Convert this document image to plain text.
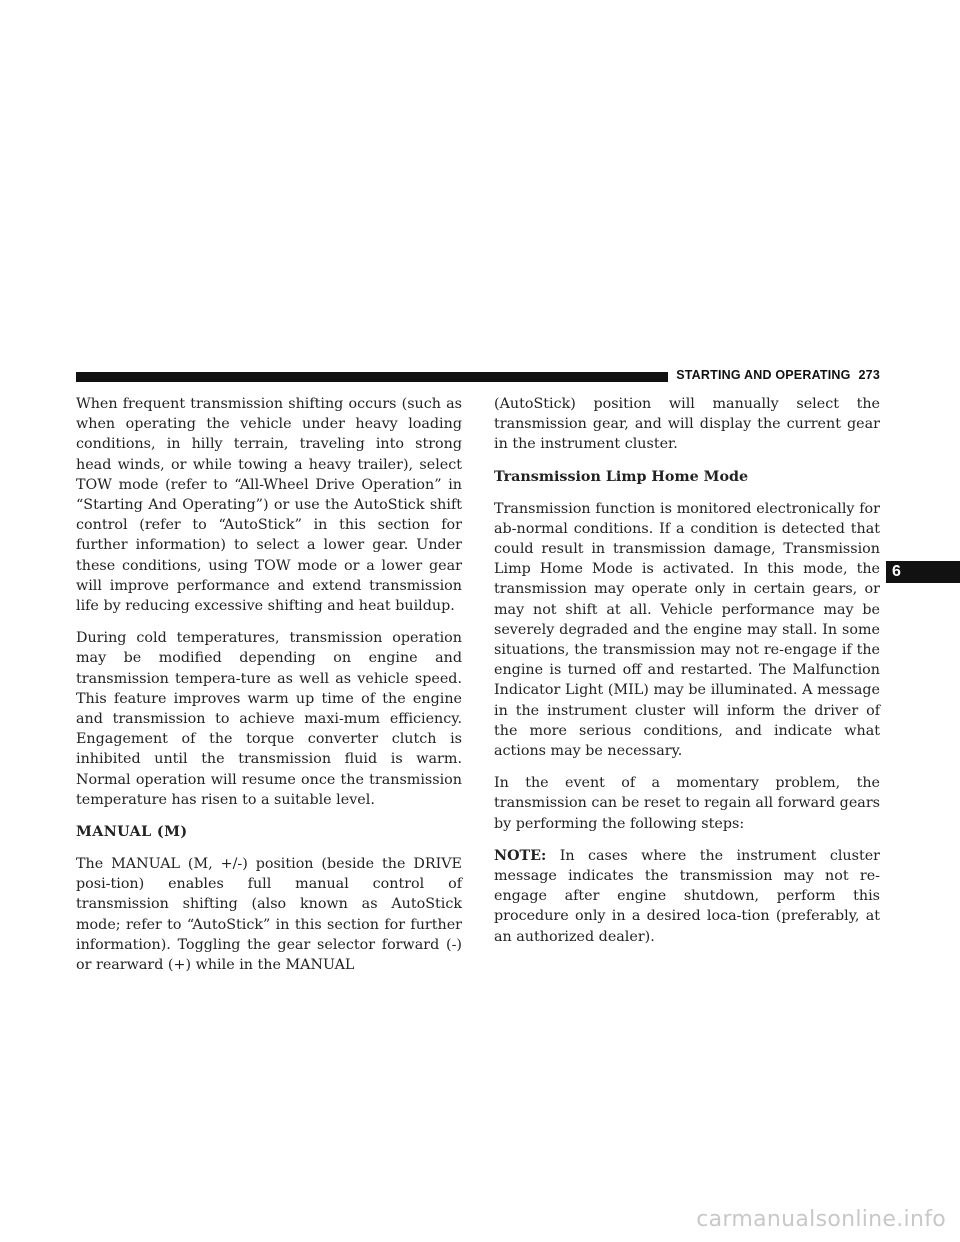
STARTING AND OPERATING 273

When frequent transmission shifting occurs (such as when operating the vehicle under heavy loading conditions, in hilly terrain, traveling into strong head winds, or while towing a heavy trailer), select TOW mode (refer to “All-Wheel Drive Operation” in “Starting And Operating”) or use the AutoStick shift control (refer to “AutoStick” in this section for further information) to select a lower gear. Under these conditions, using TOW mode or a lower gear will improve performance and extend transmission life by reducing excessive shifting and heat buildup.

During cold temperatures, transmission operation may be modified depending on engine and transmission tempera-ture as well as vehicle speed. This feature improves warm up time of the engine and transmission to achieve maxi-mum efficiency. Engagement of the torque converter clutch is inhibited until the transmission fluid is warm. Normal operation will resume once the transmission temperature has risen to a suitable level.

MANUAL (M)

The MANUAL (M, +/-) position (beside the DRIVE posi-tion) enables full manual control of transmission shifting (also known as AutoStick mode; refer to “AutoStick” in this section for further information). Toggling the gear selector forward (-) or rearward (+) while in the MANUAL

(AutoStick) position will manually select the transmission gear, and will display the current gear in the instrument cluster.

Transmission Limp Home Mode

Transmission function is monitored electronically for ab-normal conditions. If a condition is detected that could result in transmission damage, Transmission Limp Home Mode is activated. In this mode, the transmission may operate only in certain gears, or may not shift at all. Vehicle performance may be severely degraded and the engine may stall. In some situations, the transmission may not re-engage if the engine is turned off and restarted. The Malfunction Indicator Light (MIL) may be illuminated. A message in the instrument cluster will inform the driver of the more serious conditions, and indicate what actions may be necessary.

In the event of a momentary problem, the transmission can be reset to regain all forward gears by performing the following steps:

NOTE: In cases where the instrument cluster message indicates the transmission may not re-engage after engine shutdown, perform this procedure only in a desired loca-tion (preferably, at an authorized dealer).

6
carmanualsonline.info
